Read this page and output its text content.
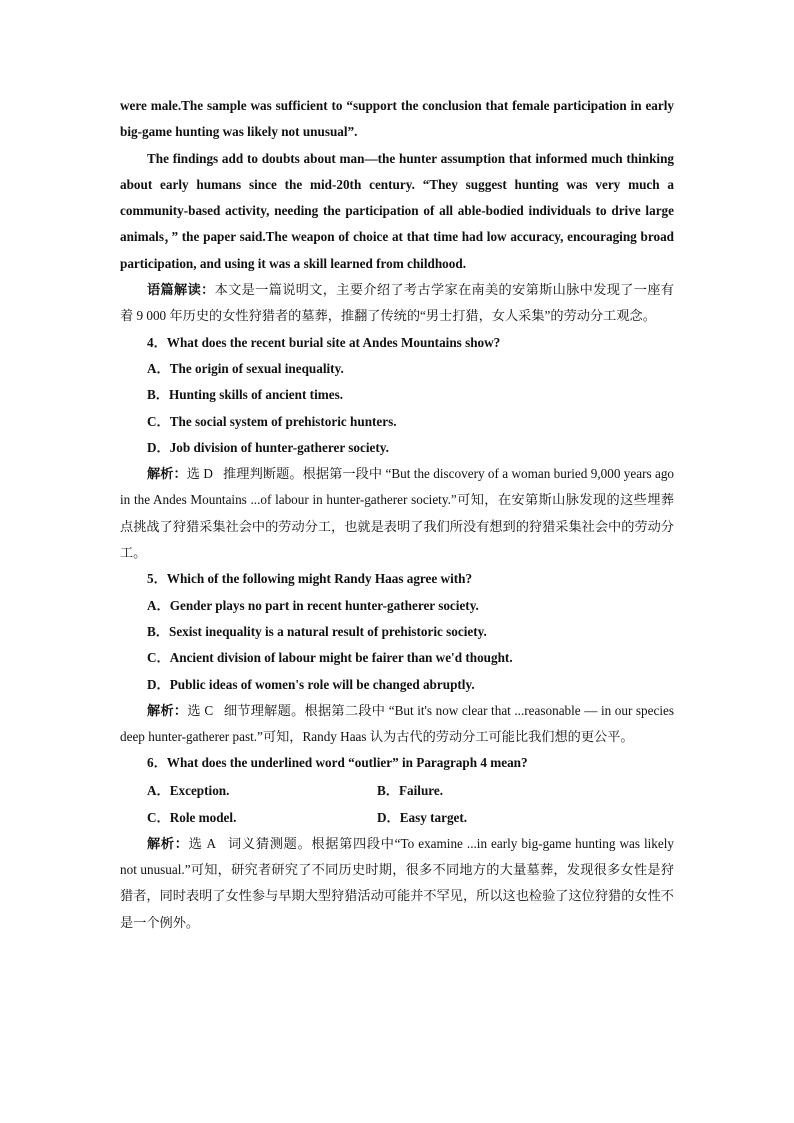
were male.The sample was sufficient to “support the conclusion that female participation in early big-game hunting was likely not unusual”.

The findings add to doubts about man—the hunter assumption that informed much thinking about early humans since the mid-20th century. “They suggest hunting was very much a community-based activity, needing the participation of all able-bodied individuals to drive large animals，” the paper said.The weapon of choice at that time had low accuracy, encouraging broad participation, and using it was a skill learned from childhood.

语篇解读：本文是一篇说明文，主要介绍了考古学家在南美的安第斯山脉中发现了一座有着 9 000 年历史的女性狩猎者的墓葬，推翻了传统的“男士打猎，女人采集”的劳动分工观念。

4．What does the recent burial site at Andes Mountains show?

A．The origin of sexual inequality.

B．Hunting skills of ancient times.

C．The social system of prehistoric hunters.

D．Job division of hunter-gatherer society.

解析：选 D 推理判断题。根据第一段中 “But the discovery of a woman buried 9,000 years ago in the Andes Mountains ...of labour in hunter-gatherer society.”可知，在安第斯山脉发现的这些埋葬点挑战了狩猎采集社会中的劳动分工，也就是表明了我们所没有想到的狩猎采集社会中的劳动分工。

5．Which of the following might Randy Haas agree with?

A．Gender plays no part in recent hunter-gatherer society.

B．Sexist inequality is a natural result of prehistoric society.

C．Ancient division of labour might be fairer than we'd thought.

D．Public ideas of women's role will be changed abruptly.

解析：选 C 细节理解题。根据第二段中 “But it's now clear that ...reasonable — in our species deep hunter-gatherer past.”可知，Randy Haas 认为古代的劳动分工可能比我们想的更公平。

6．What does the underlined word “outlier” in Paragraph 4 mean?

A．Exception.	B．Failure.
C．Role model.	D．Easy target.

解析：选 A 词义猜测题。根据第四段中“To examine ...in early big-game hunting was likely not unusual.”可知，研究者研究了不同历史时期，很多不同地方的大量墓葬，发现很多女性是狩猎者，同时表明了女性参与早期大型狩猎活动可能并不罕见，所以这也检验了这位狩猎的女性不是一个例外。
